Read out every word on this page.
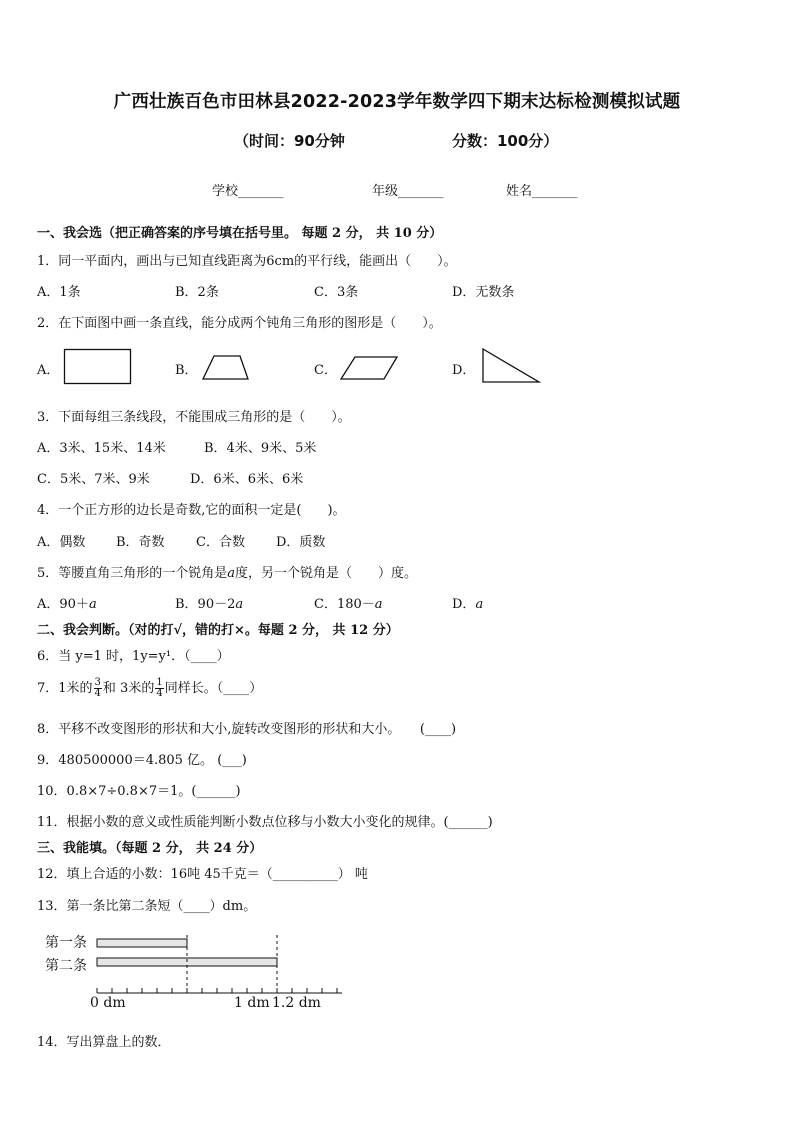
广西壮族百色市田林县2022-2023学年数学四下期末达标检测模拟试题
（时间：90分钟	分数：100分）
学校_______	年级_______	姓名_______
一、我会选（把正确答案的序号填在括号里。 每题 2 分， 共 10 分）
1．同一平面内，画出与已知直线距离为6cm的平行线，能画出（　　）。
A．1条	B．2条	C．3条	D．无数条
2．在下面图中画一条直线，能分成两个钝角三角形的图形是（　　）。
A．	B．	C．	D．
3．下面每组三条线段，不能围成三角形的是（　　）。
A．3米、15米、14米	B．4米、9米、5米
C．5米、7米、9米	D．6米、6米、6米
4．一个正方形的边长是奇数,它的面积一定是(　　)。
A．偶数 B．奇数 C．合数 D．质数
5．等腰直角三角形的一个锐角是a度，另一个锐角是（　　）度。
A．90＋a	B．90－2a	C．180－a	D．a
二、我会判断。（对的打√，错的打×。每题 2 分， 共 12 分）
6．当 y=1 时，1y=y¹．（____）
7．1米的 $\frac{3}{4}$ 和 3米的 $\frac{1}{4}$ 同样长。（____）
8．平移不改变图形的形状和大小,旋转改变图形的形状和大小。　　(____)
9．480500000＝4.805 亿。 (___)
10．0.8×7÷0.8×7＝1。(______)
11．根据小数的意义或性质能判断小数点位移与小数大小变化的规律。(______)
三、我能填。（每题 2 分， 共 24 分）
12．填上合适的小数：16吨 45千克＝（__________） 吨
13．第一条比第二条短（____）dm。
第一条
第二条
0 dm	1 dm 1.2 dm
14．写出算盘上的数．
